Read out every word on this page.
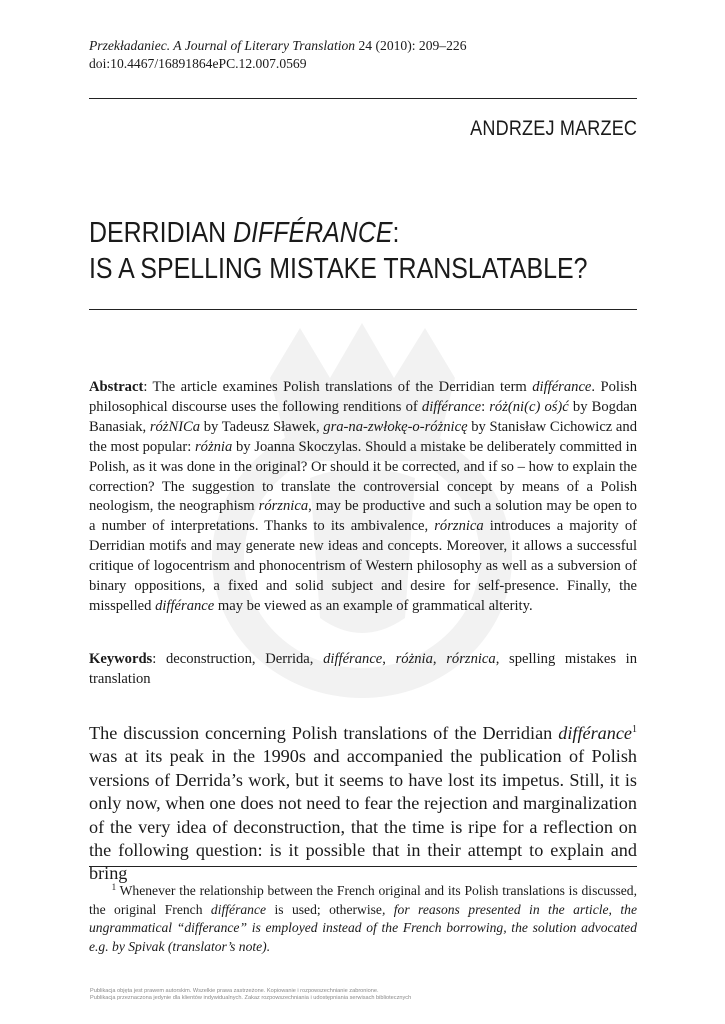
Przekładaniec. A Journal of Literary Translation 24 (2010): 209–226
doi:10.4467/16891864ePC.12.007.0569
ANDRZEJ MARZEC
DERRIDIAN DIFFÉRANCE:
IS A SPELLING MISTAKE TRANSLATABLE?
Abstract: The article examines Polish translations of the Derridian term différance. Polish philosophical discourse uses the following renditions of différance: róż(ni(c) oś)ć by Bogdan Banasiak, różNICa by Tadeusz Sławek, gra-na-zwłokę-o-różnicę by Stanisław Cichowicz and the most popular: różnia by Joanna Skoczylas. Should a mistake be deliberately committed in Polish, as it was done in the original? Or should it be corrected, and if so – how to explain the correction? The suggestion to translate the controversial concept by means of a Polish neologism, the neographism rórznica, may be productive and such a solution may be open to a number of interpretations. Thanks to its ambivalence, rórznica introduces a majority of Derridian motifs and may generate new ideas and concepts. Moreover, it allows a successful critique of logocentrism and phonocentrism of Western philosophy as well as a subversion of binary oppositions, a fixed and solid subject and desire for self-presence. Finally, the misspelled différance may be viewed as an example of grammatical alterity.
Keywords: deconstruction, Derrida, différance, różnia, rórznica, spelling mistakes in translation
The discussion concerning Polish translations of the Derridian différance$^1$ was at its peak in the 1990s and accompanied the publication of Polish versions of Derrida’s work, but it seems to have lost its impetus. Still, it is only now, when one does not need to fear the rejection and marginalization of the very idea of deconstruction, that the time is ripe for a reflection on the following question: is it possible that in their attempt to explain and bring
$^1$ Whenever the relationship between the French original and its Polish translations is discussed, the original French différance is used; otherwise, for reasons presented in the article, the ungrammatical “differance” is employed instead of the French borrowing, the solution advocated e.g. by Spivak (translator’s note).
Publikacja objęta jest prawem autorskim. Wszelkie prawa zastrzeżone. Kopiowanie i rozpowszechnianie zabronione.
Publikacja przeznaczona jedynie dla klientów indywidualnych. Zakaz rozpowszechniania i udostępniania serwisach bibliotecznych
